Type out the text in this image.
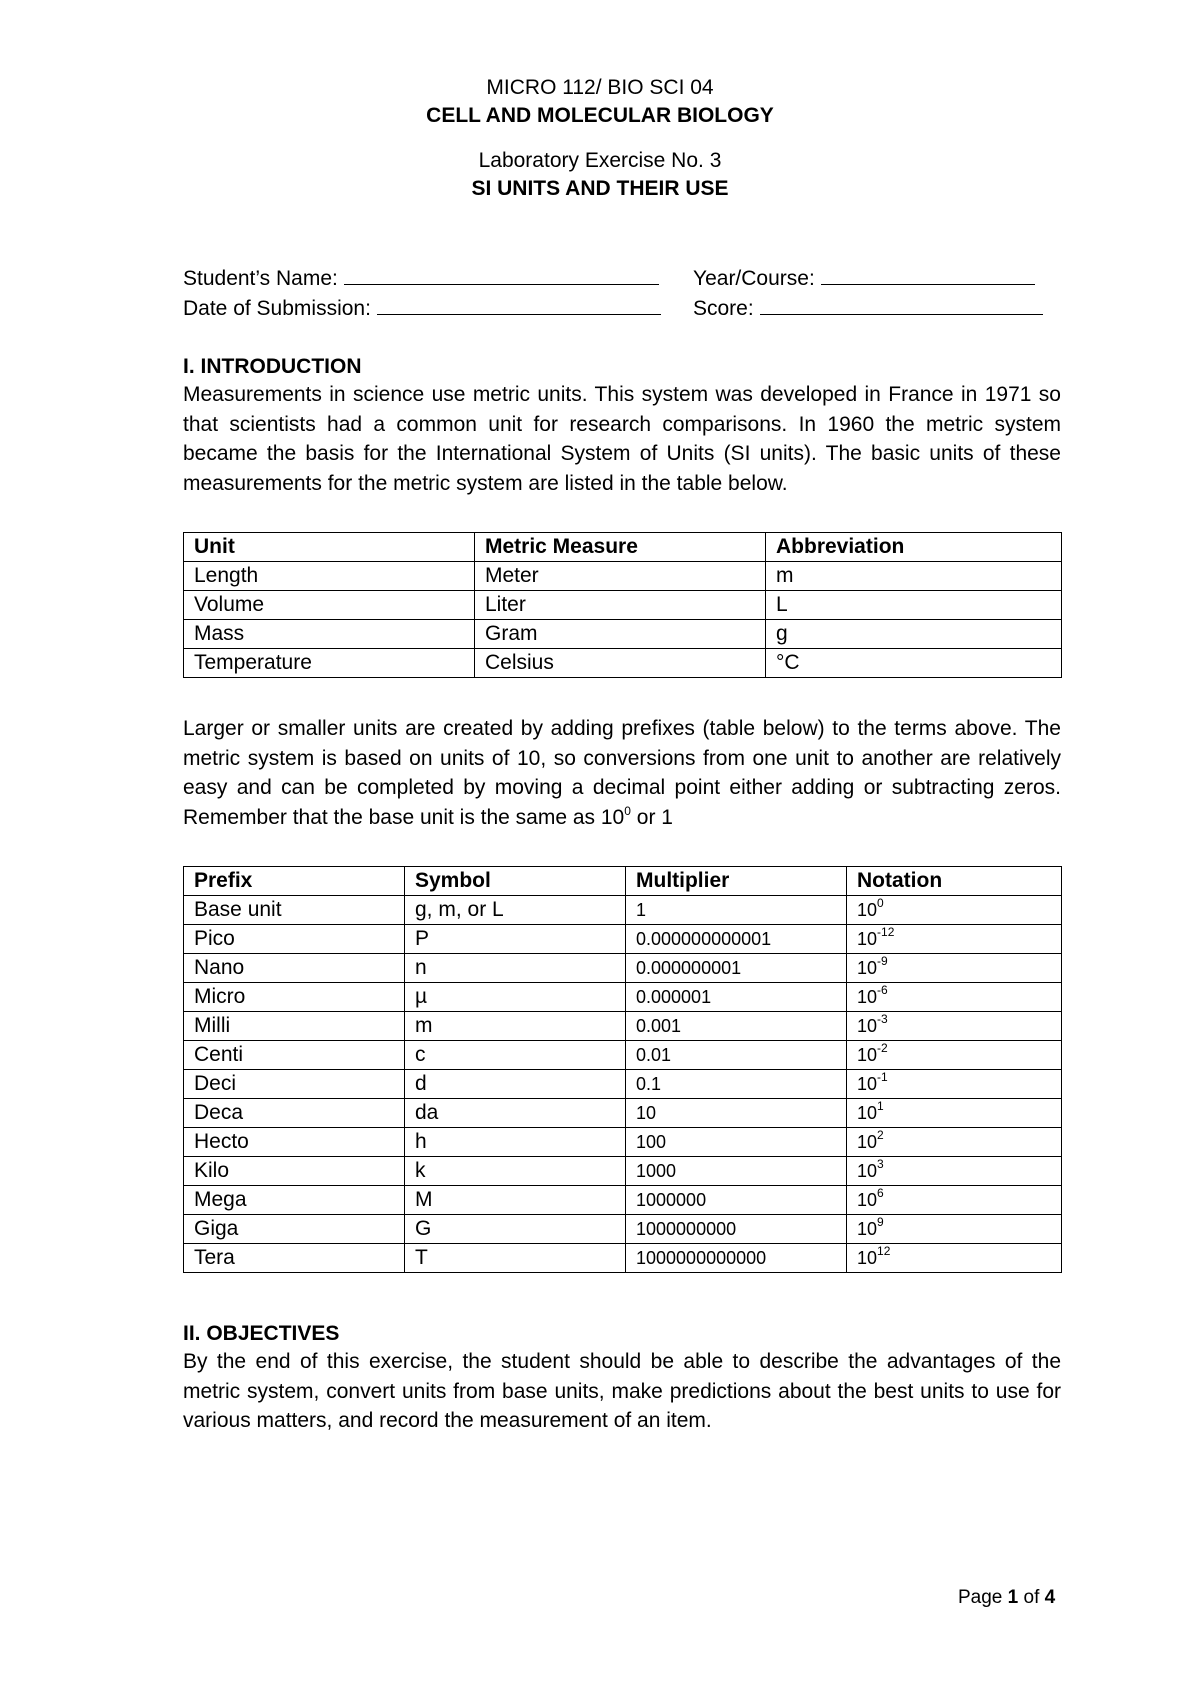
MICRO 112/ BIO SCI 04
CELL AND MOLECULAR BIOLOGY
Laboratory Exercise No. 3
SI UNITS AND THEIR USE
Student’s Name:	Year/Course:
Date of Submission:	Score:
I. INTRODUCTION
Measurements in science use metric units. This system was developed in France in 1971 so that scientists had a common unit for research comparisons. In 1960 the metric system became the basis for the International System of Units (SI units). The basic units of these measurements for the metric system are listed in the table below.
Unit	Metric Measure	Abbreviation
Length	Meter	m
Volume	Liter	L
Mass	Gram	g
Temperature	Celsius	°C
Larger or smaller units are created by adding prefixes (table below) to the terms above. The metric system is based on units of 10, so conversions from one unit to another are relatively easy and can be completed by moving a decimal point either adding or subtracting zeros. Remember that the base unit is the same as $10^0$ or 1
Prefix	Symbol	Multiplier	Notation
Base unit	g, m, or L	1	$10^0$
Pico	P	0.000000000001	$10^{-12}$
Nano	n	0.000000001	$10^{-9}$
Micro	µ	0.000001	$10^{-6}$
Milli	m	0.001	$10^{-3}$
Centi	c	0.01	$10^{-2}$
Deci	d	0.1	$10^{-1}$
Deca	da	10	$10^1$
Hecto	h	100	$10^2$
Kilo	k	1000	$10^3$
Mega	M	1000000	$10^6$
Giga	G	1000000000	$10^9$
Tera	T	1000000000000	$10^{12}$
II. OBJECTIVES
By the end of this exercise, the student should be able to describe the advantages of the metric system, convert units from base units, make predictions about the best units to use for various matters, and record the measurement of an item.
Page 1 of 4
